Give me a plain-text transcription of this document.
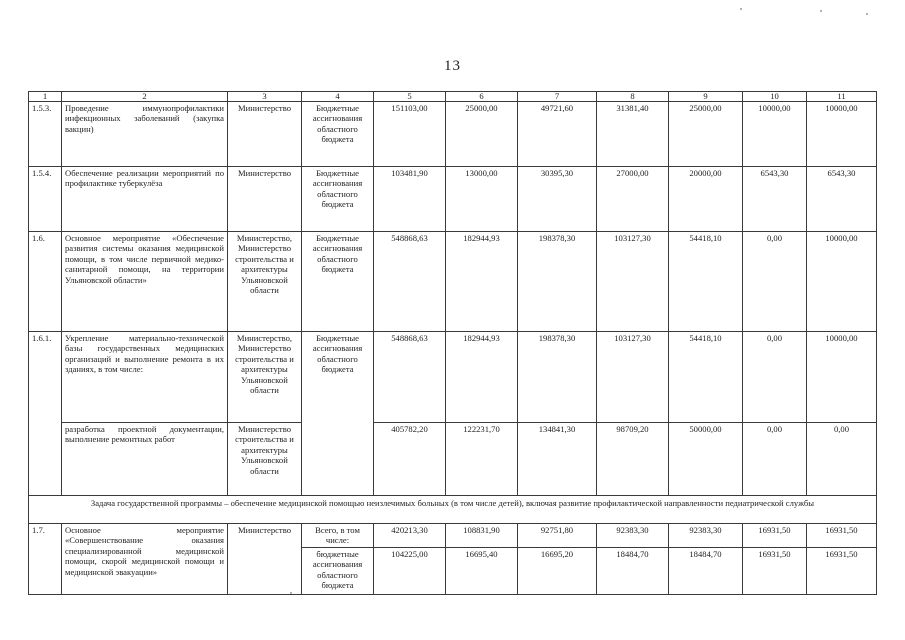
13
1	2	3	4	5	6	7	8	9	10	11
1.5.3.	Проведение иммунопрофилактики инфекционных заболеваний (закупка вакцин)	Министерство	Бюджетные ассигнования областного бюджета	151103,00	25000,00	49721,60	31381,40	25000,00	10000,00	10000,00
1.5.4.	Обеспечение реализации мероприятий по профилактике туберкулёза	Министерство	Бюджетные ассигнования областного бюджета	103481,90	13000,00	30395,30	27000,00	20000,00	6543,30	6543,30
1.6.	Основное мероприятие «Обеспечение развития системы оказания медицинской помощи, в том числе первичной медико-санитарной помощи, на территории Ульяновской области»	Министерство, Министерство строительства и архитектуры Ульяновской области	Бюджетные ассигнования областного бюджета	548868,63	182944,93	198378,30	103127,30	54418,10	0,00	10000,00
1.6.1.	Укрепление материально-технической базы государственных медицинских организаций и выполнение ремонта в их зданиях, в том числе:	Министерство, Министерство строительства и архитектуры Ульяновской области	Бюджетные ассигнования областного бюджета	548868,63	182944,93	198378,30	103127,30	54418,10	0,00	10000,00
	разработка проектной документации, выполнение ремонтных работ	Министерство строительства и архитектуры Ульяновской области		405782,20	122231,70	134841,30	98709,20	50000,00	0,00	0,00
Задача государственной программы – обеспечение медицинской помощью неизлечимых больных (в том числе детей), включая развитие профилактической направленности педиатрической службы										
1.7.	Основное мероприятие «Совершенствование оказания специализированной медицинской помощи, скорой медицинской помощи и медицинской эвакуации»	Министерство	Всего, в том числе:	420213,30	108831,90	92751,80	92383,30	92383,30	16931,50	16931,50
			бюджетные ассигнования областного бюджета	104225,00	16695,40	16695,20	18484,70	18484,70	16931,50	16931,50
